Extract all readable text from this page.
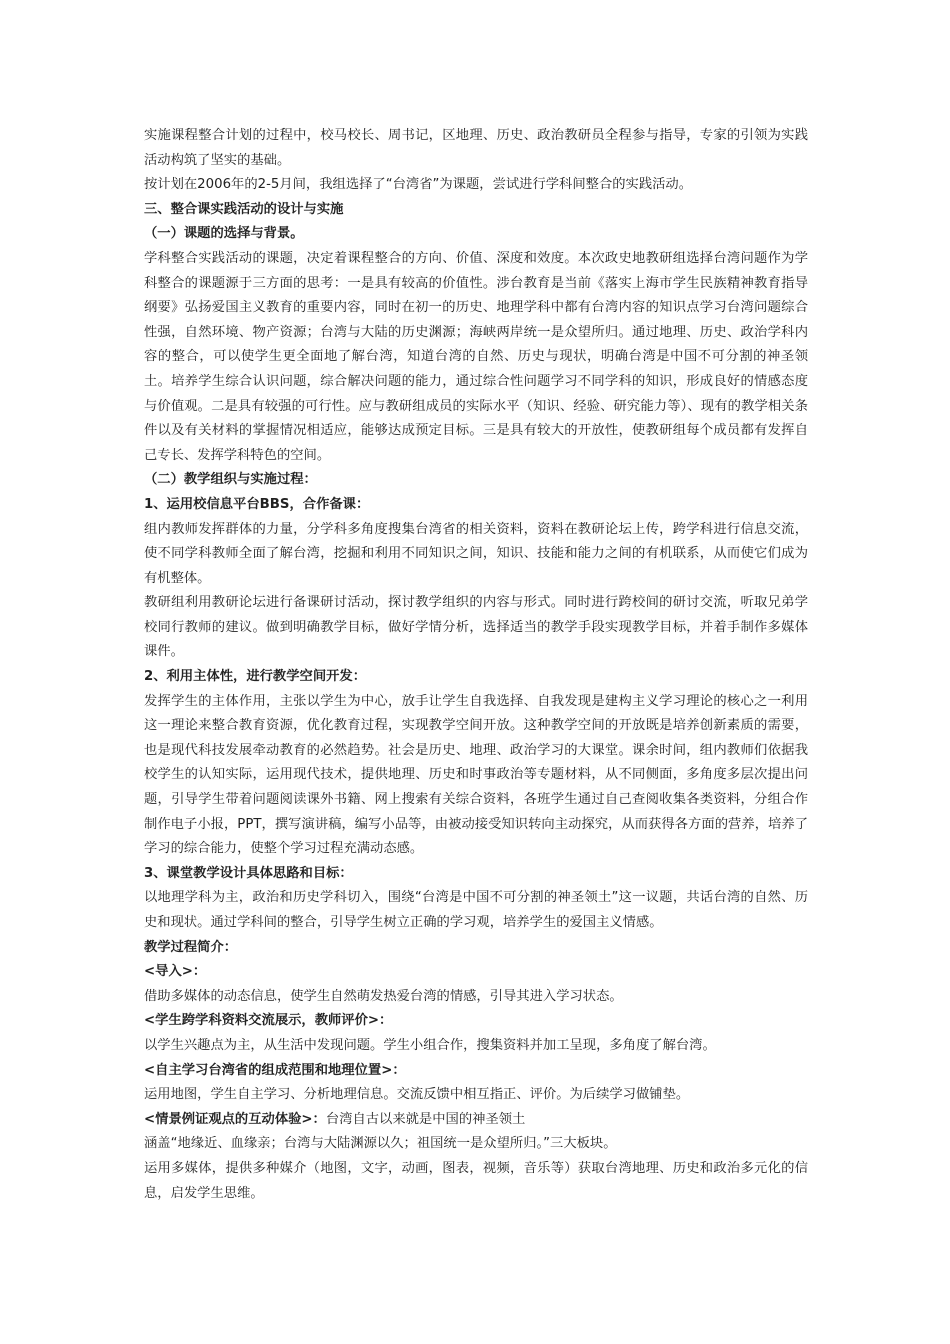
实施课程整合计划的过程中，校马校长、周书记，区地理、历史、政治教研员全程参与指导，专家的引领为实践活动构筑了坚实的基础。

按计划在2006年的2-5月间，我组选择了“台湾省”为课题，尝试进行学科间整合的实践活动。

三、整合课实践活动的设计与实施

（一）课题的选择与背景。

学科整合实践活动的课题，决定着课程整合的方向、价值、深度和效度。本次政史地教研组选择台湾问题作为学科整合的课题源于三方面的思考：一是具有较高的价值性。涉台教育是当前《落实上海市学生民族精神教育指导纲要》弘扬爱国主义教育的重要内容，同时在初一的历史、地理学科中都有台湾内容的知识点学习台湾问题综合性强，自然环境、物产资源；台湾与大陆的历史渊源；海峡两岸统一是众望所归。通过地理、历史、政治学科内容的整合，可以使学生更全面地了解台湾，知道台湾的自然、历史与现状，明确台湾是中国不可分割的神圣领土。培养学生综合认识问题，综合解决问题的能力，通过综合性问题学习不同学科的知识，形成良好的情感态度与价值观。二是具有较强的可行性。应与教研组成员的实际水平（知识、经验、研究能力等）、现有的教学相关条件以及有关材料的掌握情况相适应，能够达成预定目标。三是具有较大的开放性，使教研组每个成员都有发挥自己专长、发挥学科特色的空间。

（二）教学组织与实施过程：

1、运用校信息平台BBS，合作备课：

组内教师发挥群体的力量，分学科多角度搜集台湾省的相关资料，资料在教研论坛上传，跨学科进行信息交流，使不同学科教师全面了解台湾，挖掘和利用不同知识之间，知识、技能和能力之间的有机联系，从而使它们成为有机整体。

教研组利用教研论坛进行备课研讨活动，探讨教学组织的内容与形式。同时进行跨校间的研讨交流，听取兄弟学校同行教师的建议。做到明确教学目标，做好学情分析，选择适当的教学手段实现教学目标，并着手制作多媒体课件。

2、利用主体性，进行教学空间开发：

发挥学生的主体作用，主张以学生为中心，放手让学生自我选择、自我发现是建构主义学习理论的核心之一利用这一理论来整合教育资源，优化教育过程，实现教学空间开放。这种教学空间的开放既是培养创新素质的需要，也是现代科技发展牵动教育的必然趋势。社会是历史、地理、政治学习的大课堂。课余时间，组内教师们依据我校学生的认知实际，运用现代技术，提供地理、历史和时事政治等专题材料，从不同侧面，多角度多层次提出问题，引导学生带着问题阅读课外书籍、网上搜索有关综合资料，各班学生通过自己查阅收集各类资料，分组合作制作电子小报，PPT，撰写演讲稿，编写小品等，由被动接受知识转向主动探究，从而获得各方面的营养，培养了学习的综合能力，使整个学习过程充满动态感。

3、课堂教学设计具体思路和目标：

以地理学科为主，政治和历史学科切入，围绕“台湾是中国不可分割的神圣领土”这一议题，共话台湾的自然、历史和现状。通过学科间的整合，引导学生树立正确的学习观，培养学生的爱国主义情感。

教学过程简介：

<导入>：

借助多媒体的动态信息，使学生自然萌发热爱台湾的情感，引导其进入学习状态。

<学生跨学科资料交流展示，教师评价>：

以学生兴趣点为主，从生活中发现问题。学生小组合作，搜集资料并加工呈现，多角度了解台湾。

<自主学习台湾省的组成范围和地理位置>：

运用地图，学生自主学习、分析地理信息。交流反馈中相互指正、评价。为后续学习做铺垫。

<情景例证观点的互动体验>：台湾自古以来就是中国的神圣领土

涵盖“地缘近、血缘亲；台湾与大陆渊源以久；祖国统一是众望所归。”三大板块。

运用多媒体，提供多种媒介（地图，文字，动画，图表，视频，音乐等）获取台湾地理、历史和政治多元化的信息，启发学生思维。
